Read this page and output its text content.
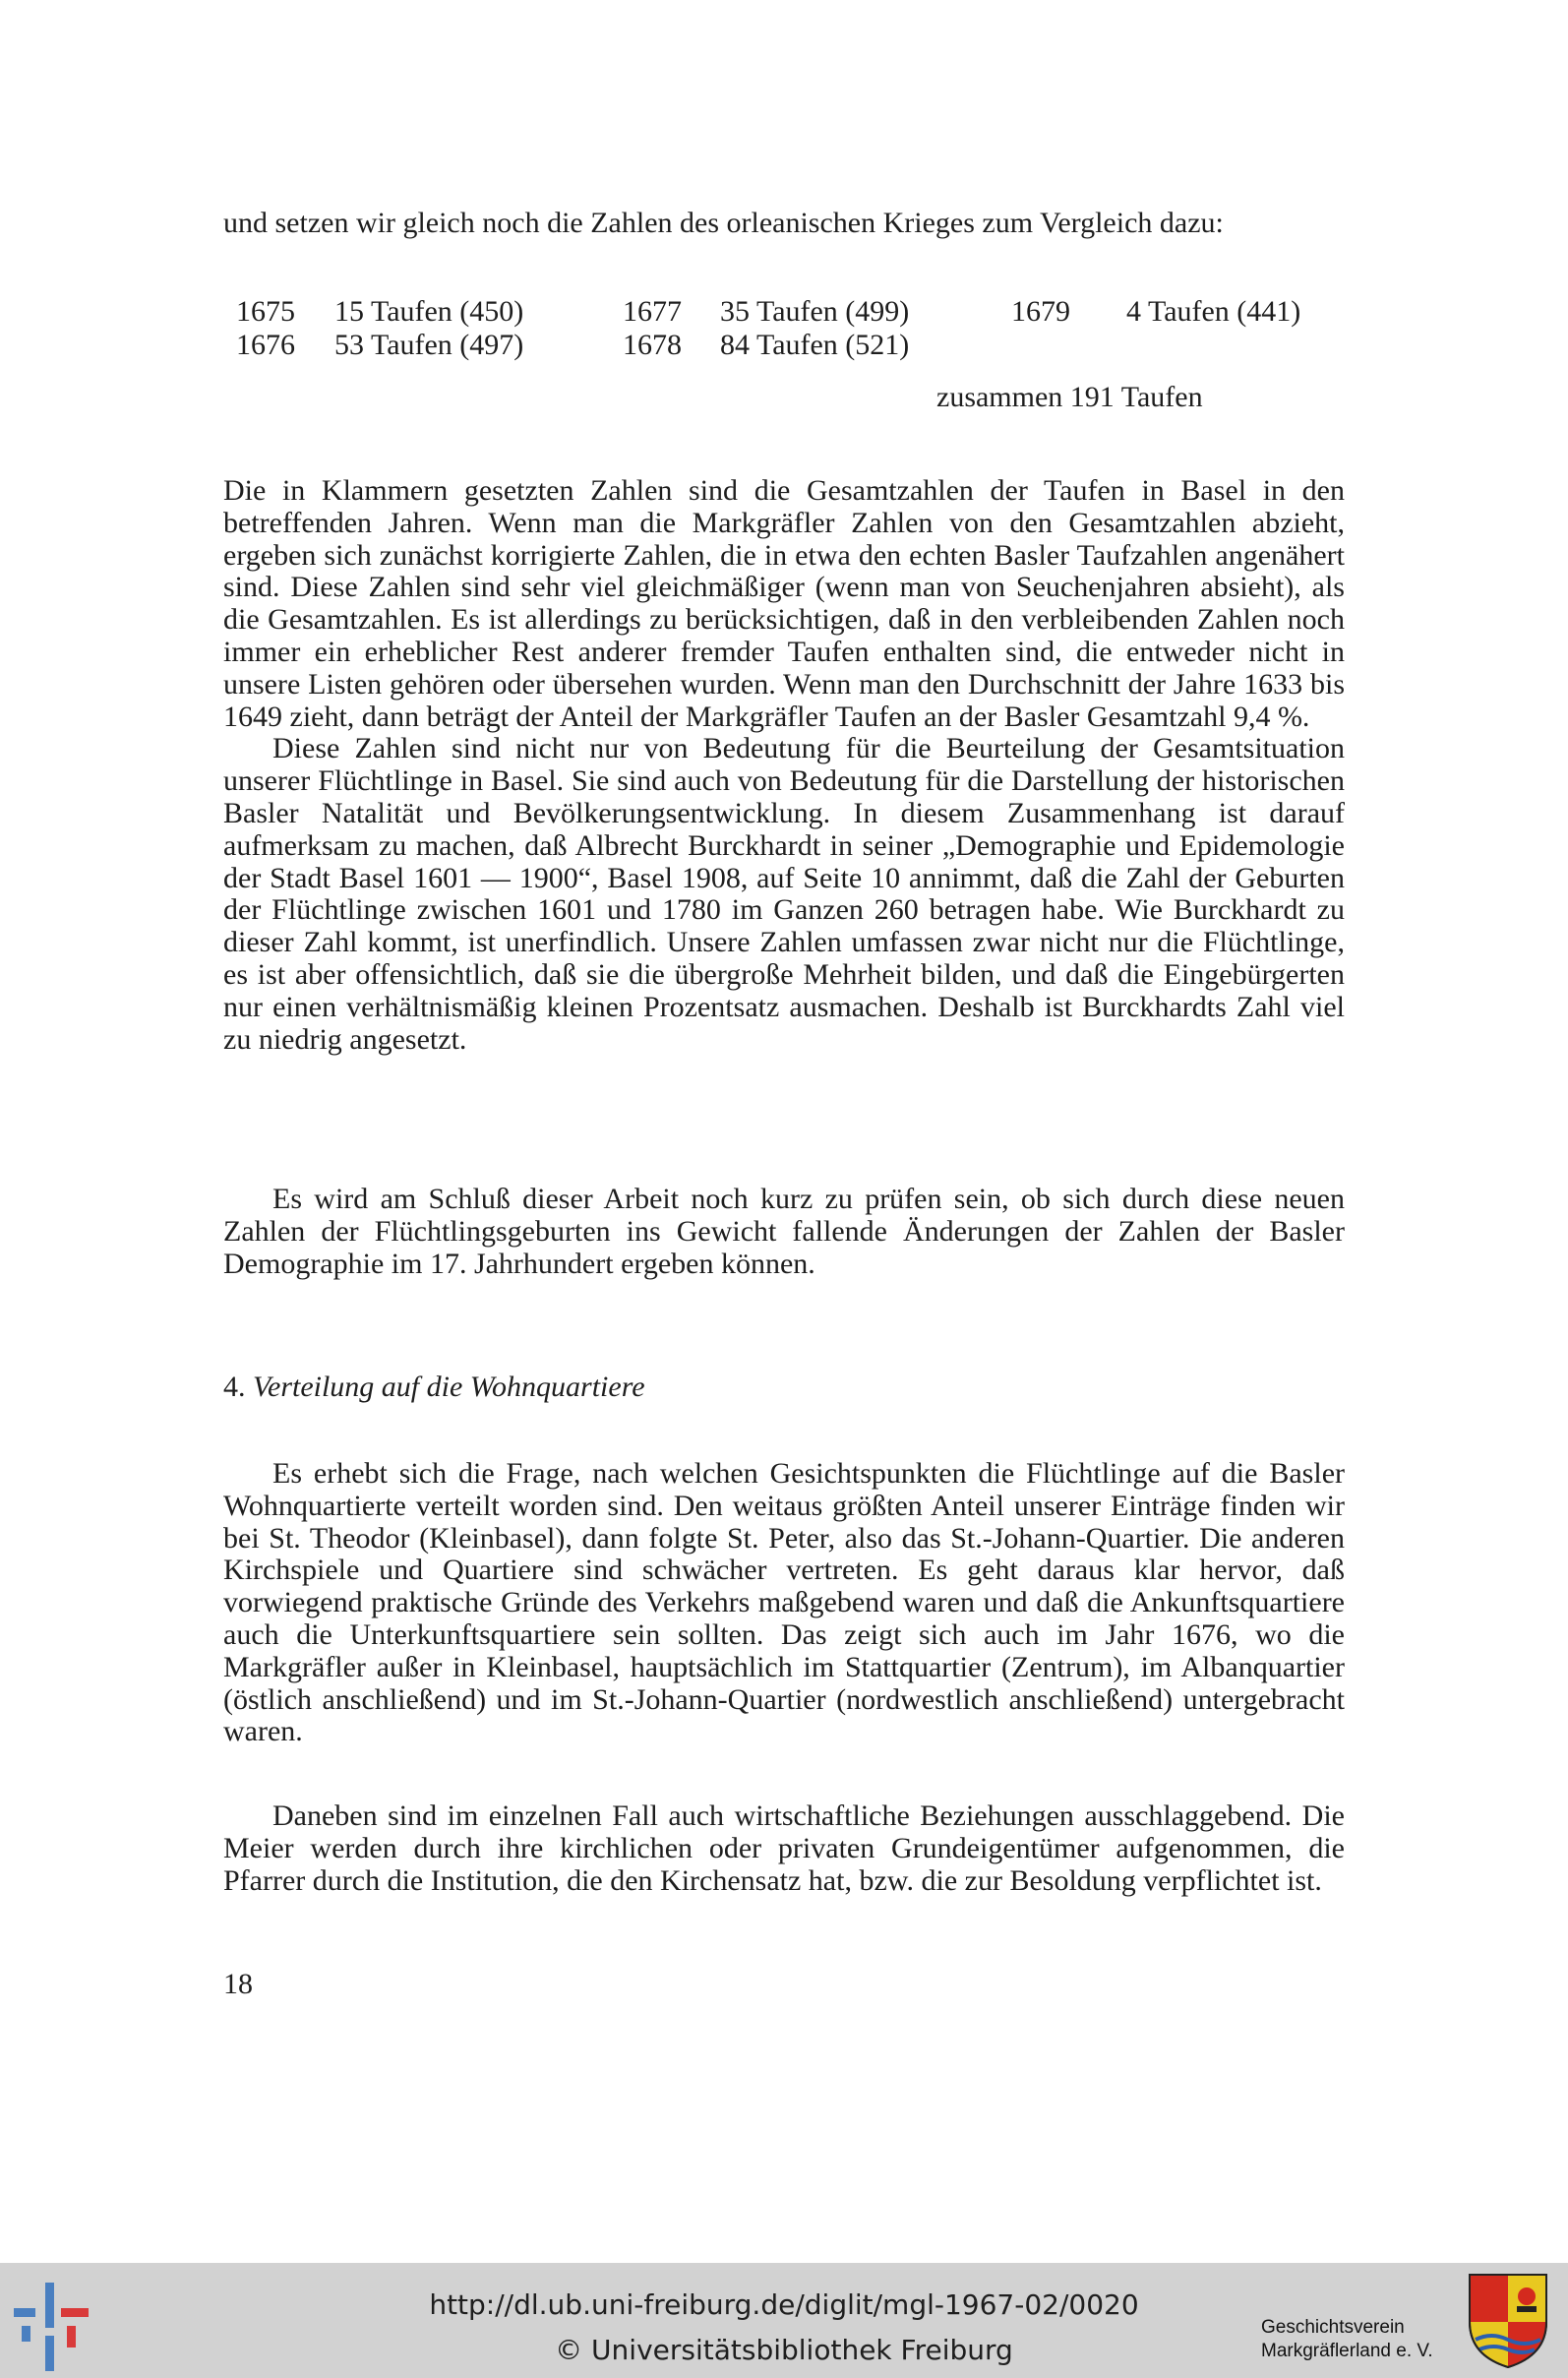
und setzen wir gleich noch die Zahlen des orleanischen Krieges zum Vergleich dazu:

1675 15 Taufen (450)	1677 35 Taufen (499)	1679 4 Taufen (441)
1676 53 Taufen (497)	1678 84 Taufen (521)
zusammen 191 Taufen

Die in Klammern gesetzten Zahlen sind die Gesamtzahlen der Taufen in Basel in den betreffenden Jahren. Wenn man die Markgräfler Zahlen von den Gesamtzahlen abzieht, ergeben sich zunächst korrigierte Zahlen, die in etwa den echten Basler Taufzahlen angenähert sind. Diese Zahlen sind sehr viel gleichmäßiger (wenn man von Seuchenjahren absieht), als die Gesamtzahlen. Es ist allerdings zu berücksichtigen, daß in den verbleibenden Zahlen noch immer ein erheblicher Rest anderer fremder Taufen enthalten sind, die entweder nicht in unsere Listen gehören oder übersehen wurden. Wenn man den Durchschnitt der Jahre 1633 bis 1649 zieht, dann beträgt der Anteil der Markgräfler Taufen an der Basler Gesamtzahl 9,4 %.

Diese Zahlen sind nicht nur von Bedeutung für die Beurteilung der Gesamtsituation unserer Flüchtlinge in Basel. Sie sind auch von Bedeutung für die Darstellung der historischen Basler Natalität und Bevölkerungsentwicklung. In diesem Zusammenhang ist darauf aufmerksam zu machen, daß Albrecht Burckhardt in seiner „Demographie und Epidemologie der Stadt Basel 1601 — 1900“, Basel 1908, auf Seite 10 annimmt, daß die Zahl der Geburten der Flüchtlinge zwischen 1601 und 1780 im Ganzen 260 betragen habe. Wie Burckhardt zu dieser Zahl kommt, ist unerfindlich. Unsere Zahlen umfassen zwar nicht nur die Flüchtlinge, es ist aber offensichtlich, daß sie die übergroße Mehrheit bilden, und daß die Eingebürgerten nur einen verhältnismäßig kleinen Prozentsatz ausmachen. Deshalb ist Burckhardts Zahl viel zu niedrig angesetzt.

Es wird am Schluß dieser Arbeit noch kurz zu prüfen sein, ob sich durch diese neuen Zahlen der Flüchtlingsgeburten ins Gewicht fallende Änderungen der Zahlen der Basler Demographie im 17. Jahrhundert ergeben können.

4. Verteilung auf die Wohnquartiere

Es erhebt sich die Frage, nach welchen Gesichtspunkten die Flüchtlinge auf die Basler Wohnquartierte verteilt worden sind. Den weitaus größten Anteil unserer Einträge finden wir bei St. Theodor (Kleinbasel), dann folgte St. Peter, also das St.-Johann-Quartier. Die anderen Kirchspiele und Quartiere sind schwächer vertreten. Es geht daraus klar hervor, daß vorwiegend praktische Gründe des Verkehrs maßgebend waren und daß die Ankunftsquartiere auch die Unterkunftsquartiere sein sollten. Das zeigt sich auch im Jahr 1676, wo die Markgräfler außer in Kleinbasel, hauptsächlich im Stattquartier (Zentrum), im Albanquartier (östlich anschließend) und im St.-Johann-Quartier (nordwestlich anschließend) untergebracht waren.

Daneben sind im einzelnen Fall auch wirtschaftliche Beziehungen ausschlaggebend. Die Meier werden durch ihre kirchlichen oder privaten Grundeigentümer aufgenommen, die Pfarrer durch die Institution, die den Kirchensatz hat, bzw. die zur Besoldung verpflichtet ist.

18
http://dl.ub.uni-freiburg.de/diglit/mgl-1967-02/0020
© Universitätsbibliothek Freiburg
Geschichtsverein
Markgräflerland e. V.
